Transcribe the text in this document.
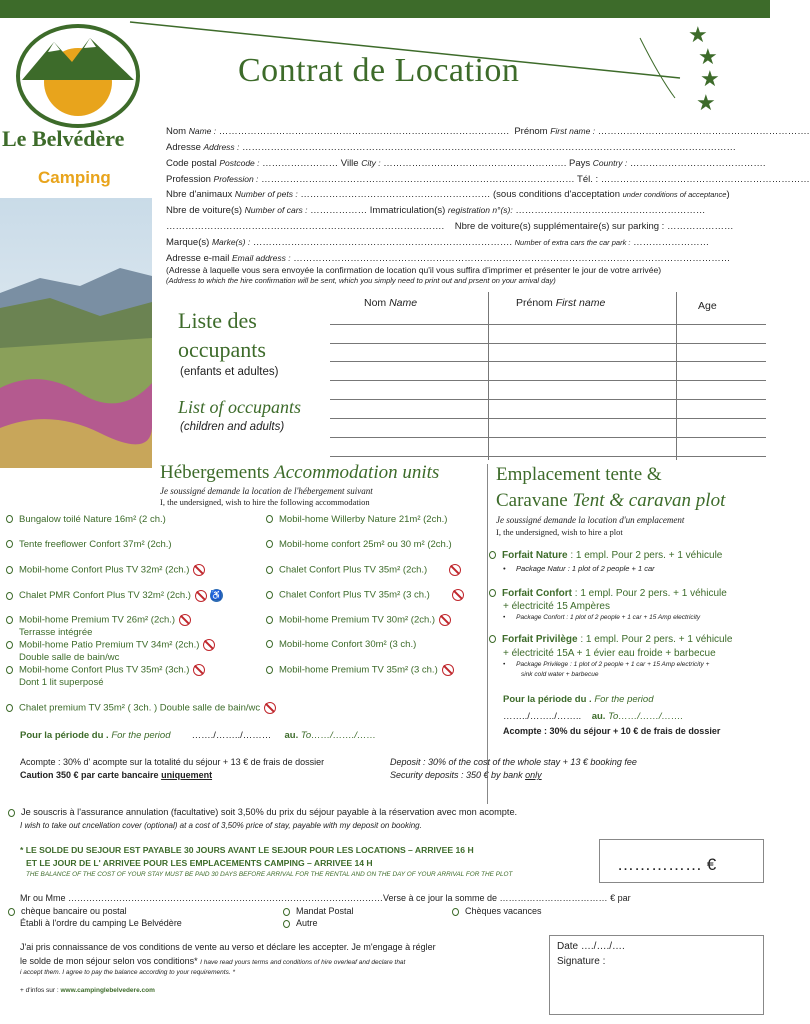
★
★
★
★
Contrat de Location
Le Belvédère
Camping
Nom Name : ………………………………………….……………………………………. Prénom First name : ………………………………………………………….
Adresse Address : …………………………………………………………………………………………………………………………………………
Code postal Postcode : …………………… Ville City : …………………………………………………. Pays Country : …………………………………….
Profession Profession : ……………………………………………………………………………………… Tél. : …………………………………………………………
Nbre d'animaux Number of pets : …………………………………………………… (sous conditions d'acceptation under conditions of acceptance)
Nbre de voiture(s) Number of cars : ……………… Immatriculation(s) registration n°(s): ……………………………………………………
……………………………………………………………………………. Nbre de voiture(s) supplémentaire(s) sur parking : …………………
Marque(s) Marke(s) : ………………………………………………………………………. Number of extra cars the car park : ……………………
Adresse e-mail Email address : …………………………………………………………………………………………………………………………
(Adresse à laquelle vous sera envoyée la confirmation de location qu'il vous suffira d'imprimer et présenter le jour de votre arrivée)
(Address to which the hire confirmation will be sent, which you simply need to print out and prsent on your arrival day)
Liste des
occupants
(enfants et adultes)
List of occupants
(children and adults)
Nom Name	Prénom First name	Age
Hébergements Accommodation units
Je soussigné demande la location de l'hébergement suivant
I, the undersigned, wish to hire the following accommodation
Bungalow toilé Nature 16m² (2 ch.)
Tente freeflower Confort 37m² (2ch.)
Mobil-home Confort Plus TV 32m² (2ch.)
Chalet PMR Confort Plus TV 32m² (2ch.) ♿
Mobil-home Premium TV 26m² (2ch.)
Terrasse intégrée
Mobil-home Patio Premium TV 34m² (2ch.)
Double salle de bain/wc
Mobil-home Confort Plus TV 35m² (3ch.)
Dont 1 lit superposé
Chalet premium TV 35m² ( 3ch. ) Double salle de bain/wc
Mobil-home Willerby Nature 21m² (2ch.)
Mobil-home confort 25m² ou 30 m² (2ch.)
Chalet Confort Plus TV 35m² (2ch.)
Chalet Confort Plus TV 35m² (3 ch.)
Mobil-home Premium TV 30m² (2ch.)
Mobil-home Confort 30m² (3 ch.)
Mobil-home Premium TV 35m² (3 ch.)
Pour la période du . For the period ……./……../……… au. To……/……./……
Emplacement tente &
Caravane Tent & caravan plot
Je soussigné demande la location d'un emplacement
I, the undersigned, wish to hire a plot
Forfait Nature : 1 empl. Pour 2 pers. + 1 véhicule
•     Package Natur : 1 plot of 2 people + 1 car
Forfait Confort : 1 empl. Pour 2 pers. + 1 véhicule
+ électricité 15 Ampères
•      Package Confort : 1 plot of 2 people + 1 car + 15 Amp electricity
Forfait Privilège : 1 empl. Pour 2 pers. + 1 véhicule
+ électricité 15A + 1 évier eau froide + barbecue
•      Package Privilege : 1 plot of 2 people + 1 car + 15 Amp electricity +
sink cold water + barbecue
Pour la période du . For the period
……../……../…….. au. To……/……/…….
Acompte : 30% du séjour + 10 € de frais de dossier
Acompte : 30% d' acompte sur la totalité du séjour + 13 € de frais de dossier
Caution 350 € par carte bancaire uniquement
Deposit : 30% of the cost of the whole stay + 13 € booking fee
Security deposits : 350 € by bank only
Je souscris à l'assurance annulation (facultative) soit 3,50% du prix du séjour payable à la réservation avec mon acompte.
I wish to take out cncellation cover (optional) at a cost of 3,50% price of stay, payable with my deposit on booking.
* LE SOLDE DU SEJOUR EST PAYABLE 30 JOURS AVANT LE SEJOUR POUR LES LOCATIONS – ARRIVEE 16 H
ET LE JOUR DE L' ARRIVEE POUR LES EMPLACEMENTS CAMPING – ARRIVEE 14 H
THE BALANCE OF THE COST OF YOUR STAY MUST BE PAID 30 DAYS BEFORE ARRIVAL FOR THE RENTAL AND ON THE DAY OF YOUR ARRIVAL FOR THE PLOT
…………… €
Mr ou Mme ……………………………………………………………………………………………Verse à ce jour la somme de ……………………………… € par
chèque bancaire ou postal
Établi à l'ordre du camping Le Belvédère
Mandat Postal
Autre
Chèques vacances
J'ai pris connaissance de vos conditions de vente au verso et déclare les accepter. Je m'engage à régler
le solde de mon séjour selon vos conditions* I have read yours terms and conditions of hire overleaf and declare that
i accept them. I agree to pay the balance according to your requirements. *
+ d'infos sur : www.campinglebelvedere.com
Date …./…./….
Signature :
